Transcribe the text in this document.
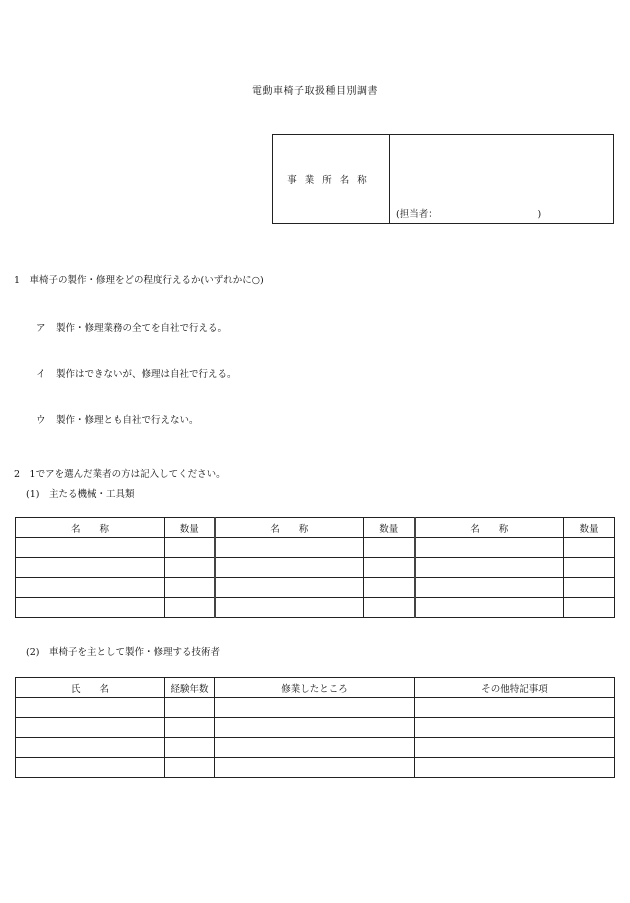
電動車椅子取扱種目別調書
事業所名称
(担当者：　　　　　　　　　　　)
1　車椅子の製作・修理をどの程度行えるか(いずれかに○)
ア 製作・修理業務の全てを自社で行える。
イ 製作はできないが、修理は自社で行える。
ウ 製作・修理とも自社で行えない。
2　1でアを選んだ業者の方は記入してください。
(1)　主たる機械・工具類
名　　称	数量	名　　称	数量	名　　称	数量

(2)　車椅子を主として製作・修理する技術者
氏　　名	経験年数	修業したところ	その他特記事項
